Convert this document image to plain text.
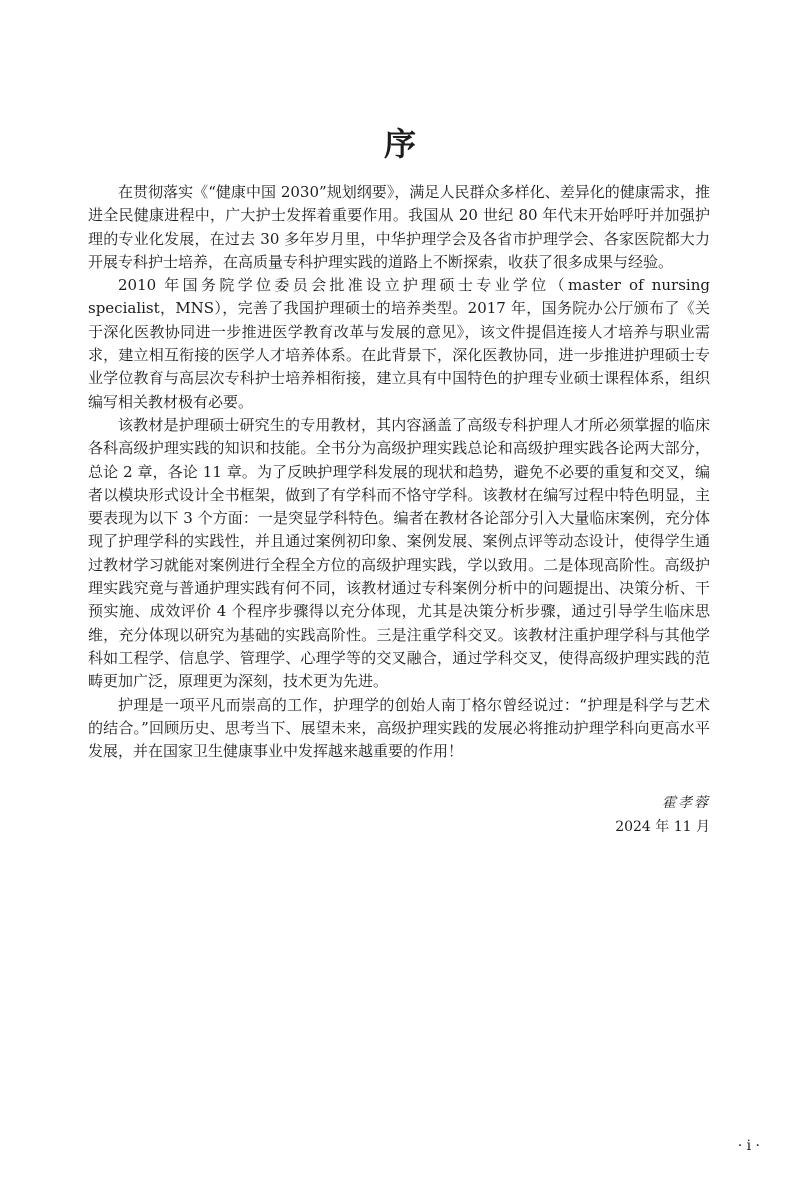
序

在贯彻落实《“健康中国 2030”规划纲要》，满足人民群众多样化、差异化的健康需求，推进全民健康进程中，广大护士发挥着重要作用。我国从 20 世纪 80 年代末开始呼吁并加强护理的专业化发展，在过去 30 多年岁月里，中华护理学会及各省市护理学会、各家医院都大力开展专科护士培养，在高质量专科护理实践的道路上不断探索，收获了很多成果与经验。

2010 年国务院学位委员会批准设立护理硕士专业学位（master of nursing specialist，MNS），完善了我国护理硕士的培养类型。2017 年，国务院办公厅颁布了《关于深化医教协同进一步推进医学教育改革与发展的意见》，该文件提倡连接人才培养与职业需求，建立相互衔接的医学人才培养体系。在此背景下，深化医教协同，进一步推进护理硕士专业学位教育与高层次专科护士培养相衔接，建立具有中国特色的护理专业硕士课程体系，组织编写相关教材极有必要。

该教材是护理硕士研究生的专用教材，其内容涵盖了高级专科护理人才所必须掌握的临床各科高级护理实践的知识和技能。全书分为高级护理实践总论和高级护理实践各论两大部分，总论 2 章，各论 11 章。为了反映护理学科发展的现状和趋势，避免不必要的重复和交叉，编者以模块形式设计全书框架，做到了有学科而不恪守学科。该教材在编写过程中特色明显，主要表现为以下 3 个方面：一是突显学科特色。编者在教材各论部分引入大量临床案例，充分体现了护理学科的实践性，并且通过案例初印象、案例发展、案例点评等动态设计，使得学生通过教材学习就能对案例进行全程全方位的高级护理实践，学以致用。二是体现高阶性。高级护理实践究竟与普通护理实践有何不同，该教材通过专科案例分析中的问题提出、决策分析、干预实施、成效评价 4 个程序步骤得以充分体现，尤其是决策分析步骤，通过引导学生临床思维，充分体现以研究为基础的实践高阶性。三是注重学科交叉。该教材注重护理学科与其他学科如工程学、信息学、管理学、心理学等的交叉融合，通过学科交叉，使得高级护理实践的范畴更加广泛，原理更为深刻，技术更为先进。

护理是一项平凡而崇高的工作，护理学的创始人南丁格尔曾经说过：“护理是科学与艺术的结合。”回顾历史、思考当下、展望未来，高级护理实践的发展必将推动护理学科向更高水平发展，并在国家卫生健康事业中发挥越来越重要的作用！

霍孝蓉
2024 年 11 月
· i ·
